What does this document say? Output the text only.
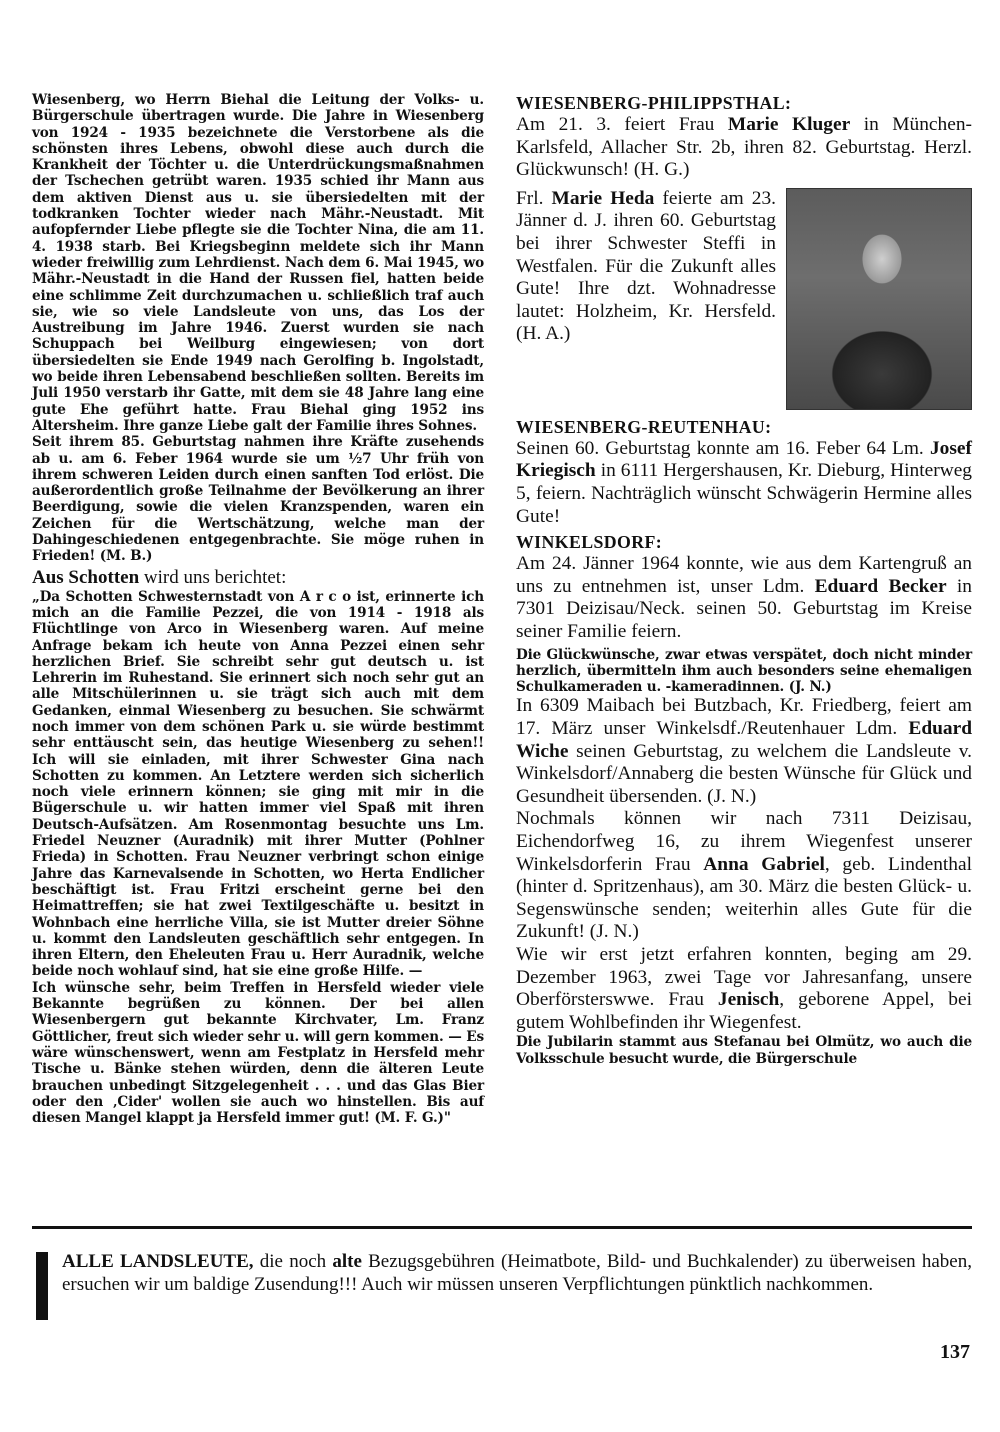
Wiesenberg, wo Herrn Biehal die Leitung der Volks- u. Bürgerschule übertragen wurde. Die Jahre in Wiesenberg von 1924 - 1935 bezeichnete die Verstorbene als die schönsten ihres Lebens, obwohl diese auch durch die Krankheit der Töchter u. die Unterdrückungsmaßnahmen der Tschechen getrübt waren. 1935 schied ihr Mann aus dem aktiven Dienst aus u. sie übersiedelten mit der todkranken Tochter wieder nach Mähr.-Neustadt. Mit aufopfernder Liebe pflegte sie die Tochter Nina, die am 11. 4. 1938 starb. Bei Kriegsbeginn meldete sich ihr Mann wieder freiwillig zum Lehrdienst. Nach dem 6. Mai 1945, wo Mähr.-Neustadt in die Hand der Russen fiel, hatten beide eine schlimme Zeit durchzumachen u. schließlich traf auch sie, wie so viele Landsleute von uns, das Los der Austreibung im Jahre 1946. Zuerst wurden sie nach Schuppach bei Weilburg eingewiesen; von dort übersiedelten sie Ende 1949 nach Gerolfing b. Ingolstadt, wo beide ihren Lebensabend beschließen sollten. Bereits im Juli 1950 verstarb ihr Gatte, mit dem sie 48 Jahre lang eine gute Ehe geführt hatte. Frau Biehal ging 1952 ins Altersheim. Ihre ganze Liebe galt der Familie ihres Sohnes.

Seit ihrem 85. Geburtstag nahmen ihre Kräfte zusehends ab u. am 6. Feber 1964 wurde sie um ½7 Uhr früh von ihrem schweren Leiden durch einen sanften Tod erlöst. Die außerordentlich große Teilnahme der Bevölkerung an ihrer Beerdigung, sowie die vielen Kranzspenden, waren ein Zeichen für die Wertschätzung, welche man der Dahingeschiedenen entgegenbrachte. Sie möge ruhen in Frieden! (M. B.)

Aus Schotten wird uns berichtet:

„Da Schotten Schwesternstadt von A r c o ist, erinnerte ich mich an die Familie Pezzei, die von 1914 - 1918 als Flüchtlinge von Arco in Wiesenberg waren. Auf meine Anfrage bekam ich heute von Anna Pezzei einen sehr herzlichen Brief. Sie schreibt sehr gut deutsch u. ist Lehrerin im Ruhestand. Sie erinnert sich noch sehr gut an alle Mitschülerinnen u. sie trägt sich auch mit dem Gedanken, einmal Wiesenberg zu besuchen. Sie schwärmt noch immer von dem schönen Park u. sie würde bestimmt sehr enttäuscht sein, das heutige Wiesenberg zu sehen!! Ich will sie einladen, mit ihrer Schwester Gina nach Schotten zu kommen. An Letztere werden sich sicherlich noch viele erinnern können; sie ging mit mir in die Bügerschule u. wir hatten immer viel Spaß mit ihren Deutsch-Aufsätzen. Am Rosenmontag besuchte uns Lm. Friedel Neuzner (Auradnik) mit ihrer Mutter (Pohlner Frieda) in Schotten. Frau Neuzner verbringt schon einige Jahre das Karnevalsende in Schotten, wo Herta Endlicher beschäftigt ist. Frau Fritzi erscheint gerne bei den Heimattreffen; sie hat zwei Textilgeschäfte u. besitzt in Wohnbach eine herrliche Villa, sie ist Mutter dreier Söhne u. kommt den Landsleuten geschäftlich sehr entgegen. In ihren Eltern, den Eheleuten Frau u. Herr Auradnik, welche beide noch wohlauf sind, hat sie eine große Hilfe. —

Ich wünsche sehr, beim Treffen in Hersfeld wieder viele Bekannte begrüßen zu können. Der bei allen Wiesenbergern gut bekannte Kirchvater, Lm. Franz Göttlicher, freut sich wieder sehr u. will gern kommen. — Es wäre wünschenswert, wenn am Festplatz in Hersfeld mehr Tische u. Bänke stehen würden, denn die älteren Leute brauchen unbedingt Sitzgelegenheit . . . und das Glas Bier oder den ‚Cider' wollen sie auch wo hinstellen. Bis auf diesen Mangel klappt ja Hersfeld immer gut! (M. F. G.)"

WIESENBERG-PHILIPPSTHAL:

Am 21. 3. feiert Frau Marie Kluger in München-Karlsfeld, Allacher Str. 2b, ihren 82. Geburtstag. Herzl. Glückwunsch! (H. G.)

Frl. Marie Heda feierte am 23. Jänner d. J. ihren 60. Geburtstag bei ihrer Schwester Steffi in Westfalen. Für die Zukunft alles Gute! Ihre dzt. Wohnadresse lautet: Holzheim, Kr. Hersfeld. (H. A.)

WIESENBERG-REUTENHAU:

Seinen 60. Geburtstag konnte am 16. Feber 64 Lm. Josef Kriegisch in 6111 Hergershausen, Kr. Dieburg, Hinterweg 5, feiern. Nachträglich wünscht Schwägerin Hermine alles Gute!

WINKELSDORF:

Am 24. Jänner 1964 konnte, wie aus dem Kartengruß an uns zu entnehmen ist, unser Ldm. Eduard Becker in 7301 Deizisau/Neck. seinen 50. Geburtstag im Kreise seiner Familie feiern.

Die Glückwünsche, zwar etwas verspätet, doch nicht minder herzlich, übermitteln ihm auch besonders seine ehemaligen Schulkameraden u. -kameradinnen. (J. N.)

In 6309 Maibach bei Butzbach, Kr. Friedberg, feiert am 17. März unser Winkelsdf./Reutenhauer Ldm. Eduard Wiche seinen Geburtstag, zu welchem die Landsleute v. Winkelsdorf/Annaberg die besten Wünsche für Glück und Gesundheit übersenden. (J. N.)

Nochmals können wir nach 7311 Deizisau, Eichendorfweg 16, zu ihrem Wiegenfest unserer Winkelsdorferin Frau Anna Gabriel, geb. Lindenthal (hinter d. Spritzenhaus), am 30. März die besten Glück- u. Segenswünsche senden; weiterhin alles Gute für die Zukunft! (J. N.)

Wie wir erst jetzt erfahren konnten, beging am 29. Dezember 1963, zwei Tage vor Jahresanfang, unsere Oberförsterswwe. Frau Jenisch, geborene Appel, bei gutem Wohlbefinden ihr Wiegenfest.

Die Jubilarin stammt aus Stefanau bei Olmütz, wo auch die Volksschule besucht wurde, die Bürgerschule

ALLE LANDSLEUTE, die noch alte Bezugsgebühren (Heimatbote, Bild- und Buchkalender) zu überweisen haben, ersuchen wir um baldige Zusendung!!! Auch wir müssen unseren Verpflichtungen pünktlich nachkommen.

137
